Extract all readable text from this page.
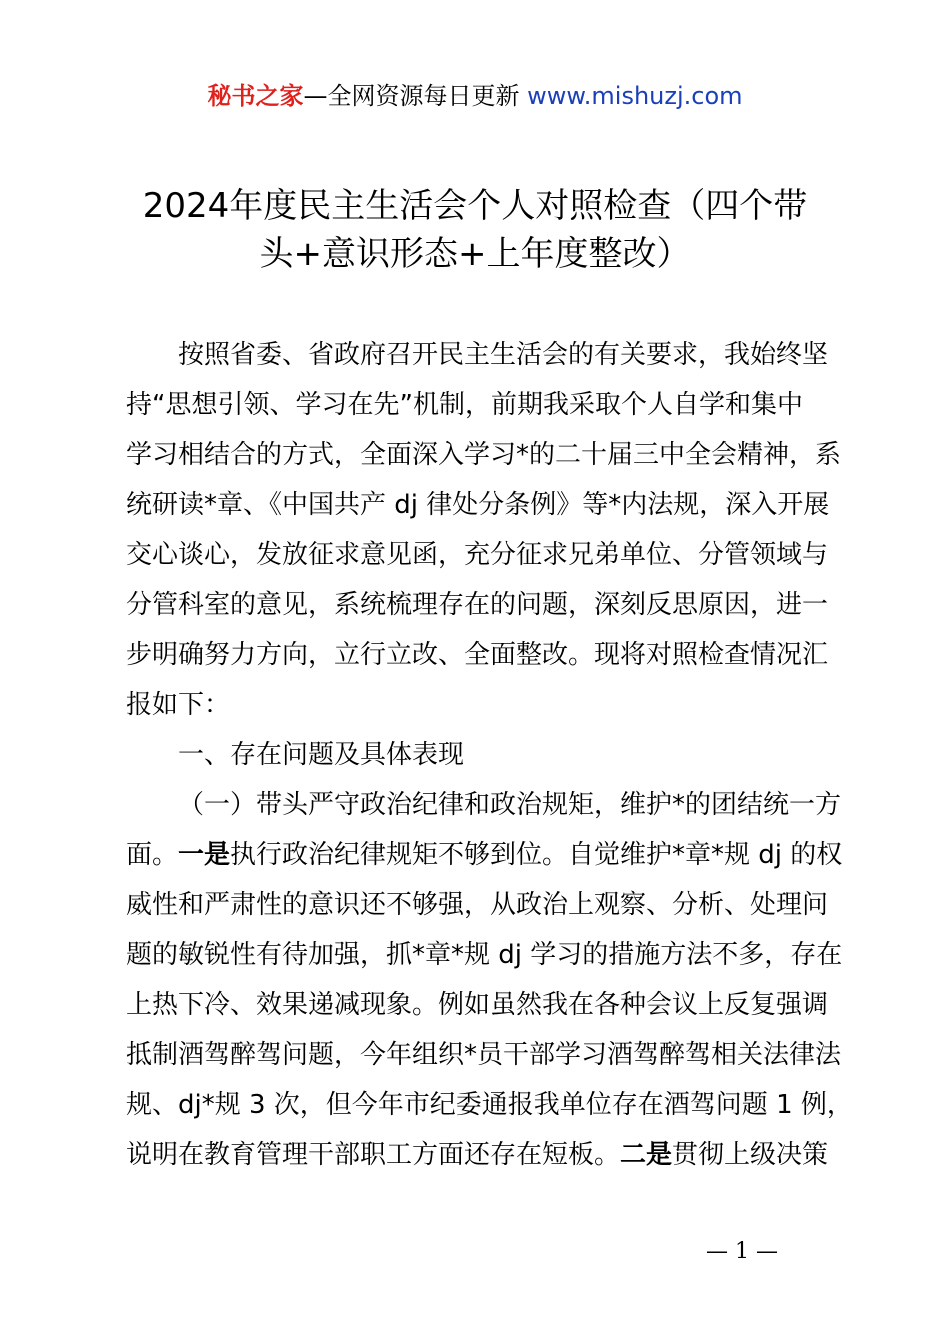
秘书之家—全网资源每日更新 www.mishuzj.com
2024年度民主生活会个人对照检查（四个带
头+意识形态+上年度整改）
按照省委、省政府召开民主生活会的有关要求，我始终坚
持“思想引领、学习在先”机制，前期我采取个人自学和集中
学习相结合的方式，全面深入学习*的二十届三中全会精神，系
统研读*章、《中国共产 dj 律处分条例》等*内法规，深入开展
交心谈心，发放征求意见函，充分征求兄弟单位、分管领域与
分管科室的意见，系统梳理存在的问题，深刻反思原因，进一
步明确努力方向，立行立改、全面整改。现将对照检查情况汇
报如下：
一、存在问题及具体表现
（一）带头严守政治纪律和政治规矩，维护*的团结统一方
面。一是执行政治纪律规矩不够到位。自觉维护*章*规 dj 的权
威性和严肃性的意识还不够强，从政治上观察、分析、处理问
题的敏锐性有待加强，抓*章*规 dj 学习的措施方法不多，存在
上热下冷、效果递减现象。例如虽然我在各种会议上反复强调
抵制酒驾醉驾问题，今年组织*员干部学习酒驾醉驾相关法律法
规、dj*规 3 次，但今年市纪委通报我单位存在酒驾问题 1 例，
说明在教育管理干部职工方面还存在短板。二是贯彻上级决策
— 1 —
